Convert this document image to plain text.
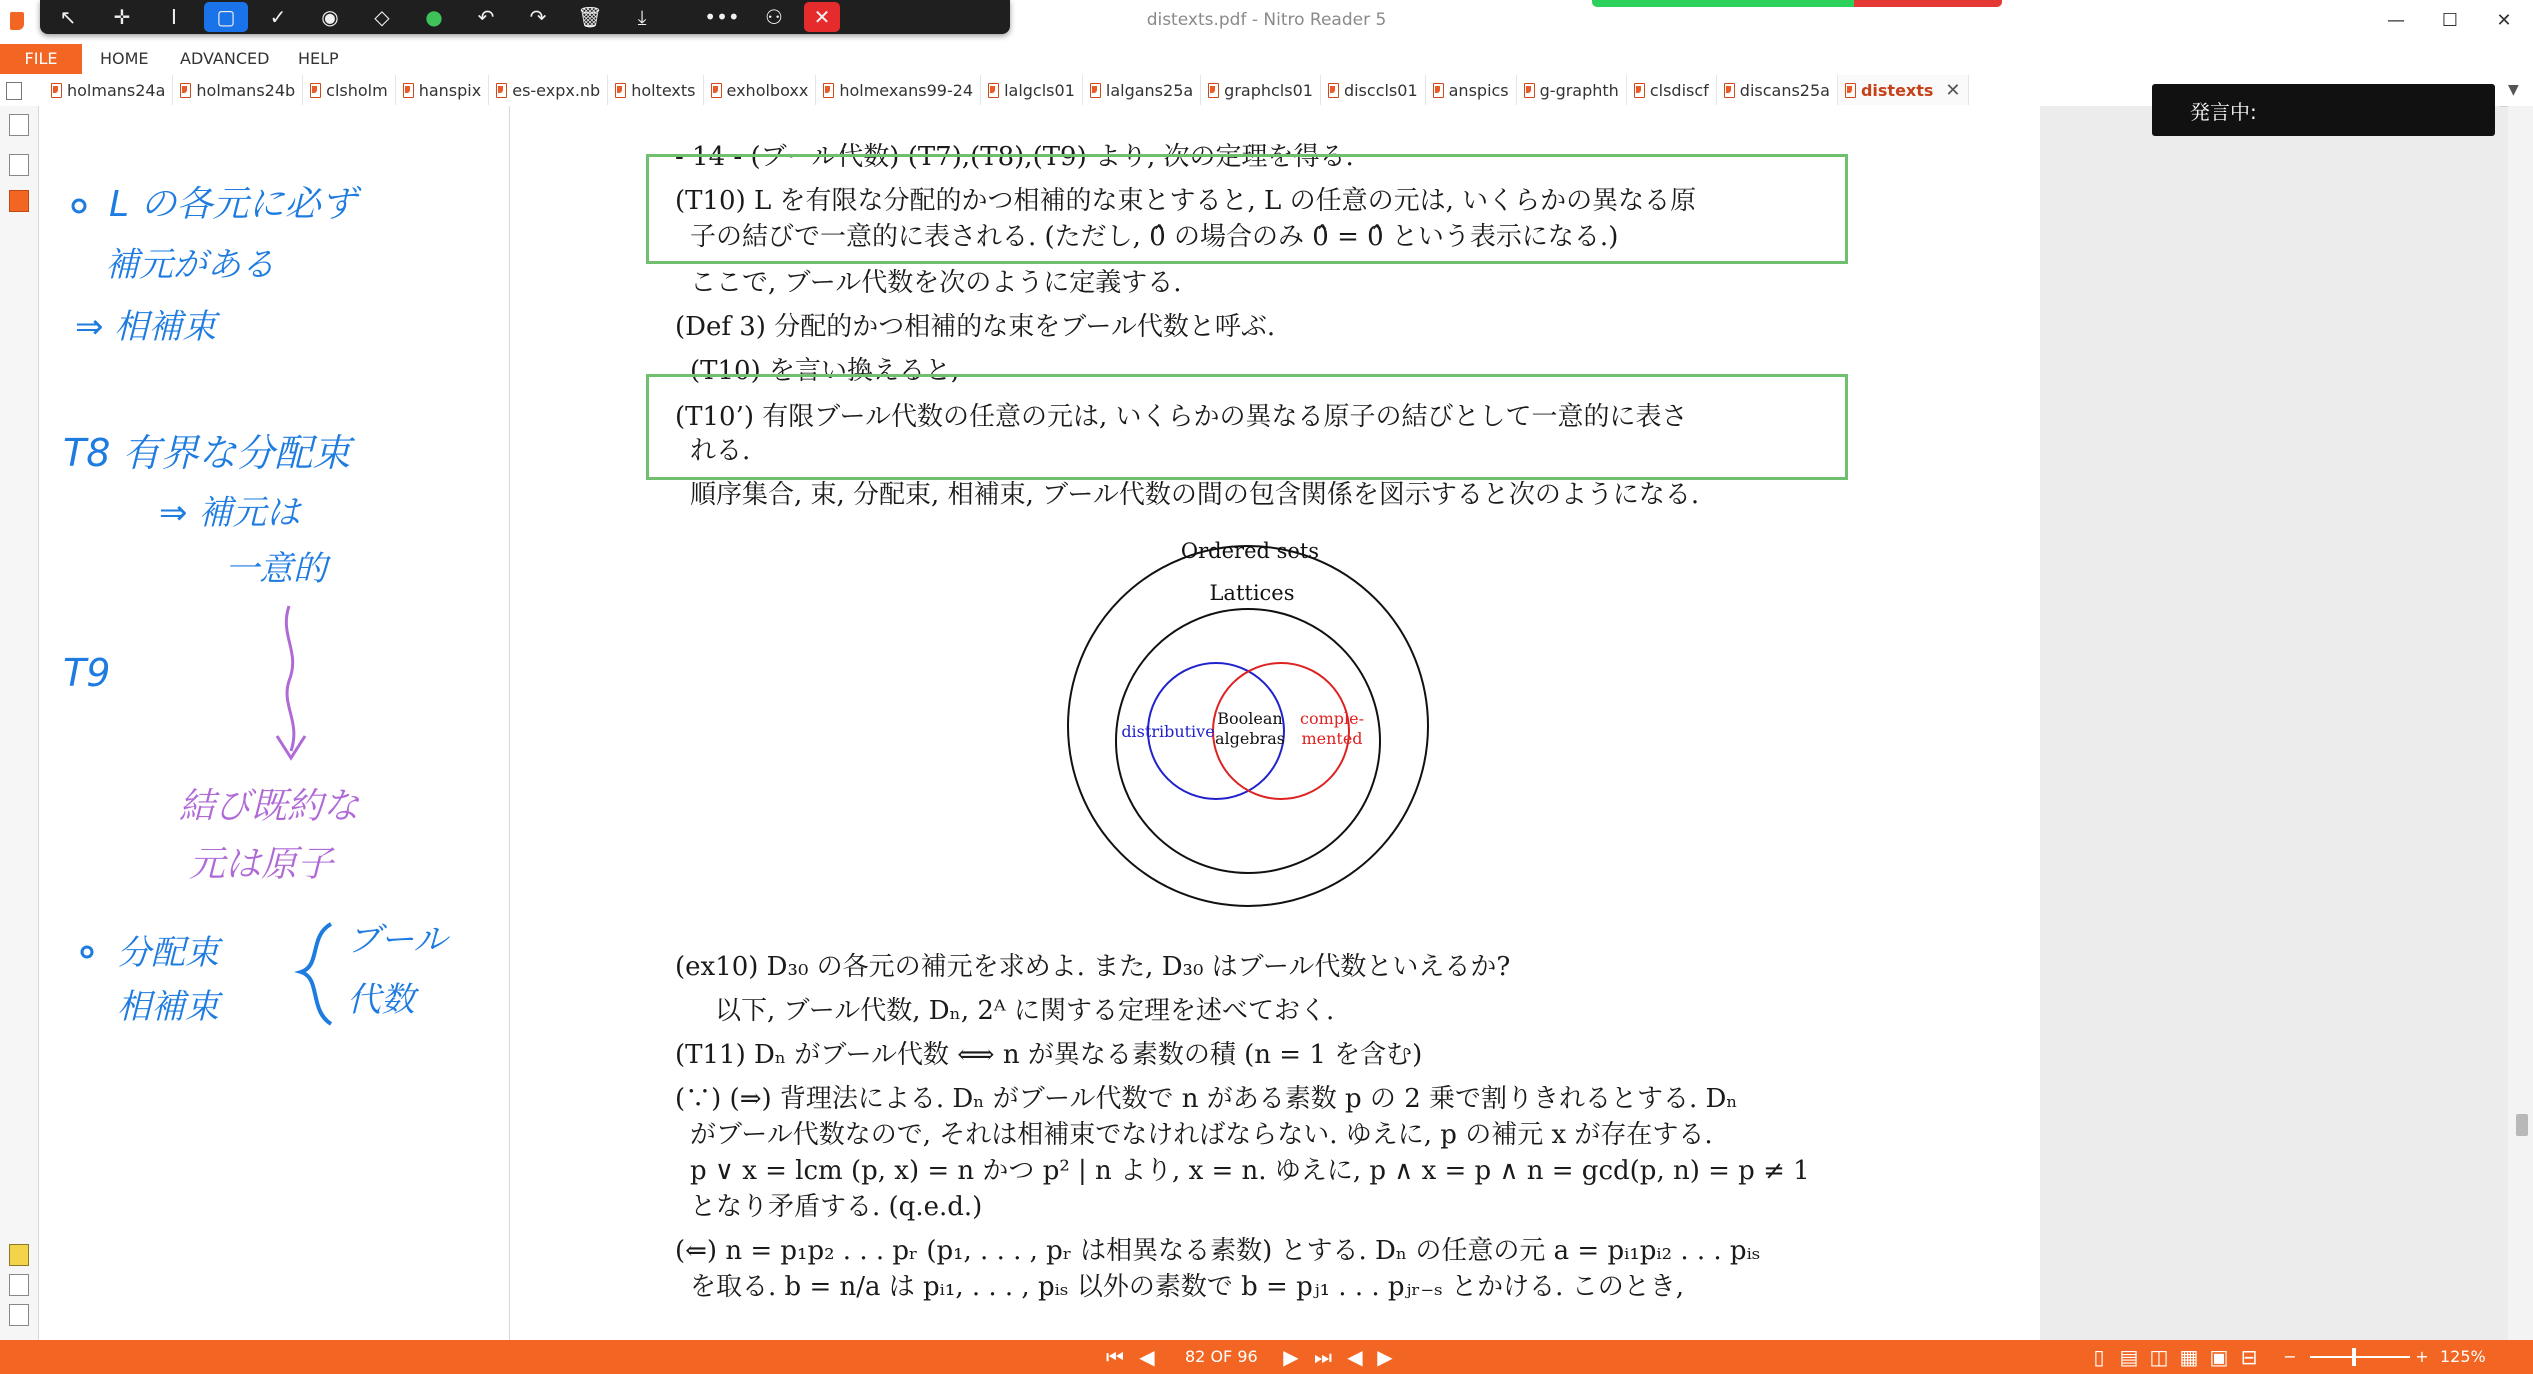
distexts.pdf - Nitro Reader 5	—	☐	✕
↖	✛	I	▢	✓	◉	◇	●	↶	↷	🗑	⤓	•••	⚇	✕
FILE	HOME ADVANCED HELP
holmans24a holmans24b clsholm hanspix es-expx.nb holtexts exholboxx holmexans99-24 lalgcls01 lalgans25a graphcls01 disccls01 anspics g-graphth clsdiscf discans25a distexts ✕	▼
L の各元に必ず
補元がある
⇒ 相補束
T8 有界な分配束
⇒ 補元は
一意的
T9
結び既約な
元は原子
分配束
相補束
ブール
代数
- 14 - (ブール代数) (T7),(T8),(T9) より, 次の定理を得る.
(T10) L を有限な分配的かつ相補的な束とすると, L の任意の元は, いくらかの異なる原
子の結びで一意的に表される. (ただし, 0̂ の場合のみ 0̂ = 0̂ という表示になる.)
ここで, ブール代数を次のように定義する.
(Def 3) 分配的かつ相補的な束をブール代数と呼ぶ.
(T10) を言い換えると,
(T10’) 有限ブール代数の任意の元は, いくらかの異なる原子の結びとして一意的に表さ
れる.
順序集合, 束, 分配束, 相補束, ブール代数の間の包含関係を図示すると次のようになる.
Ordered sets
Lattices
distributive
comple-
mented
Boolean
algebras
(ex10) D₃₀ の各元の補元を求めよ. また, D₃₀ はブール代数といえるか?
以下, ブール代数, Dₙ, 2ᴬ に関する定理を述べておく.
(T11) Dₙ がブール代数 ⟺ n が異なる素数の積 (n = 1 を含む)
(∵) (⇒) 背理法による. Dₙ がブール代数で n がある素数 p の 2 乗で割りきれるとする. Dₙ
がブール代数なので, それは相補束でなければならない. ゆえに, p の補元 x が存在する.
p ∨ x = lcm (p, x) = n かつ p² | n より, x = n. ゆえに, p ∧ x = p ∧ n = gcd(p, n) = p ≠ 1
となり矛盾する. (q.e.d.)
(⇐) n = p₁p₂ . . . pᵣ (p₁, . . . , pᵣ は相異なる素数) とする. Dₙ の任意の元 a = pᵢ₁pᵢ₂ . . . pᵢₛ
を取る. b = n/a は pᵢ₁, . . . , pᵢₛ 以外の素数で b = pⱼ₁ . . . pⱼᵣ₋ₛ とかける. このとき,
発言中:
⏮ ◀	82 OF 96	▶ ⏭ ◀ ▶	▯ ▤ ◫ ▦ ▣ ⊟ −	+ 125%
